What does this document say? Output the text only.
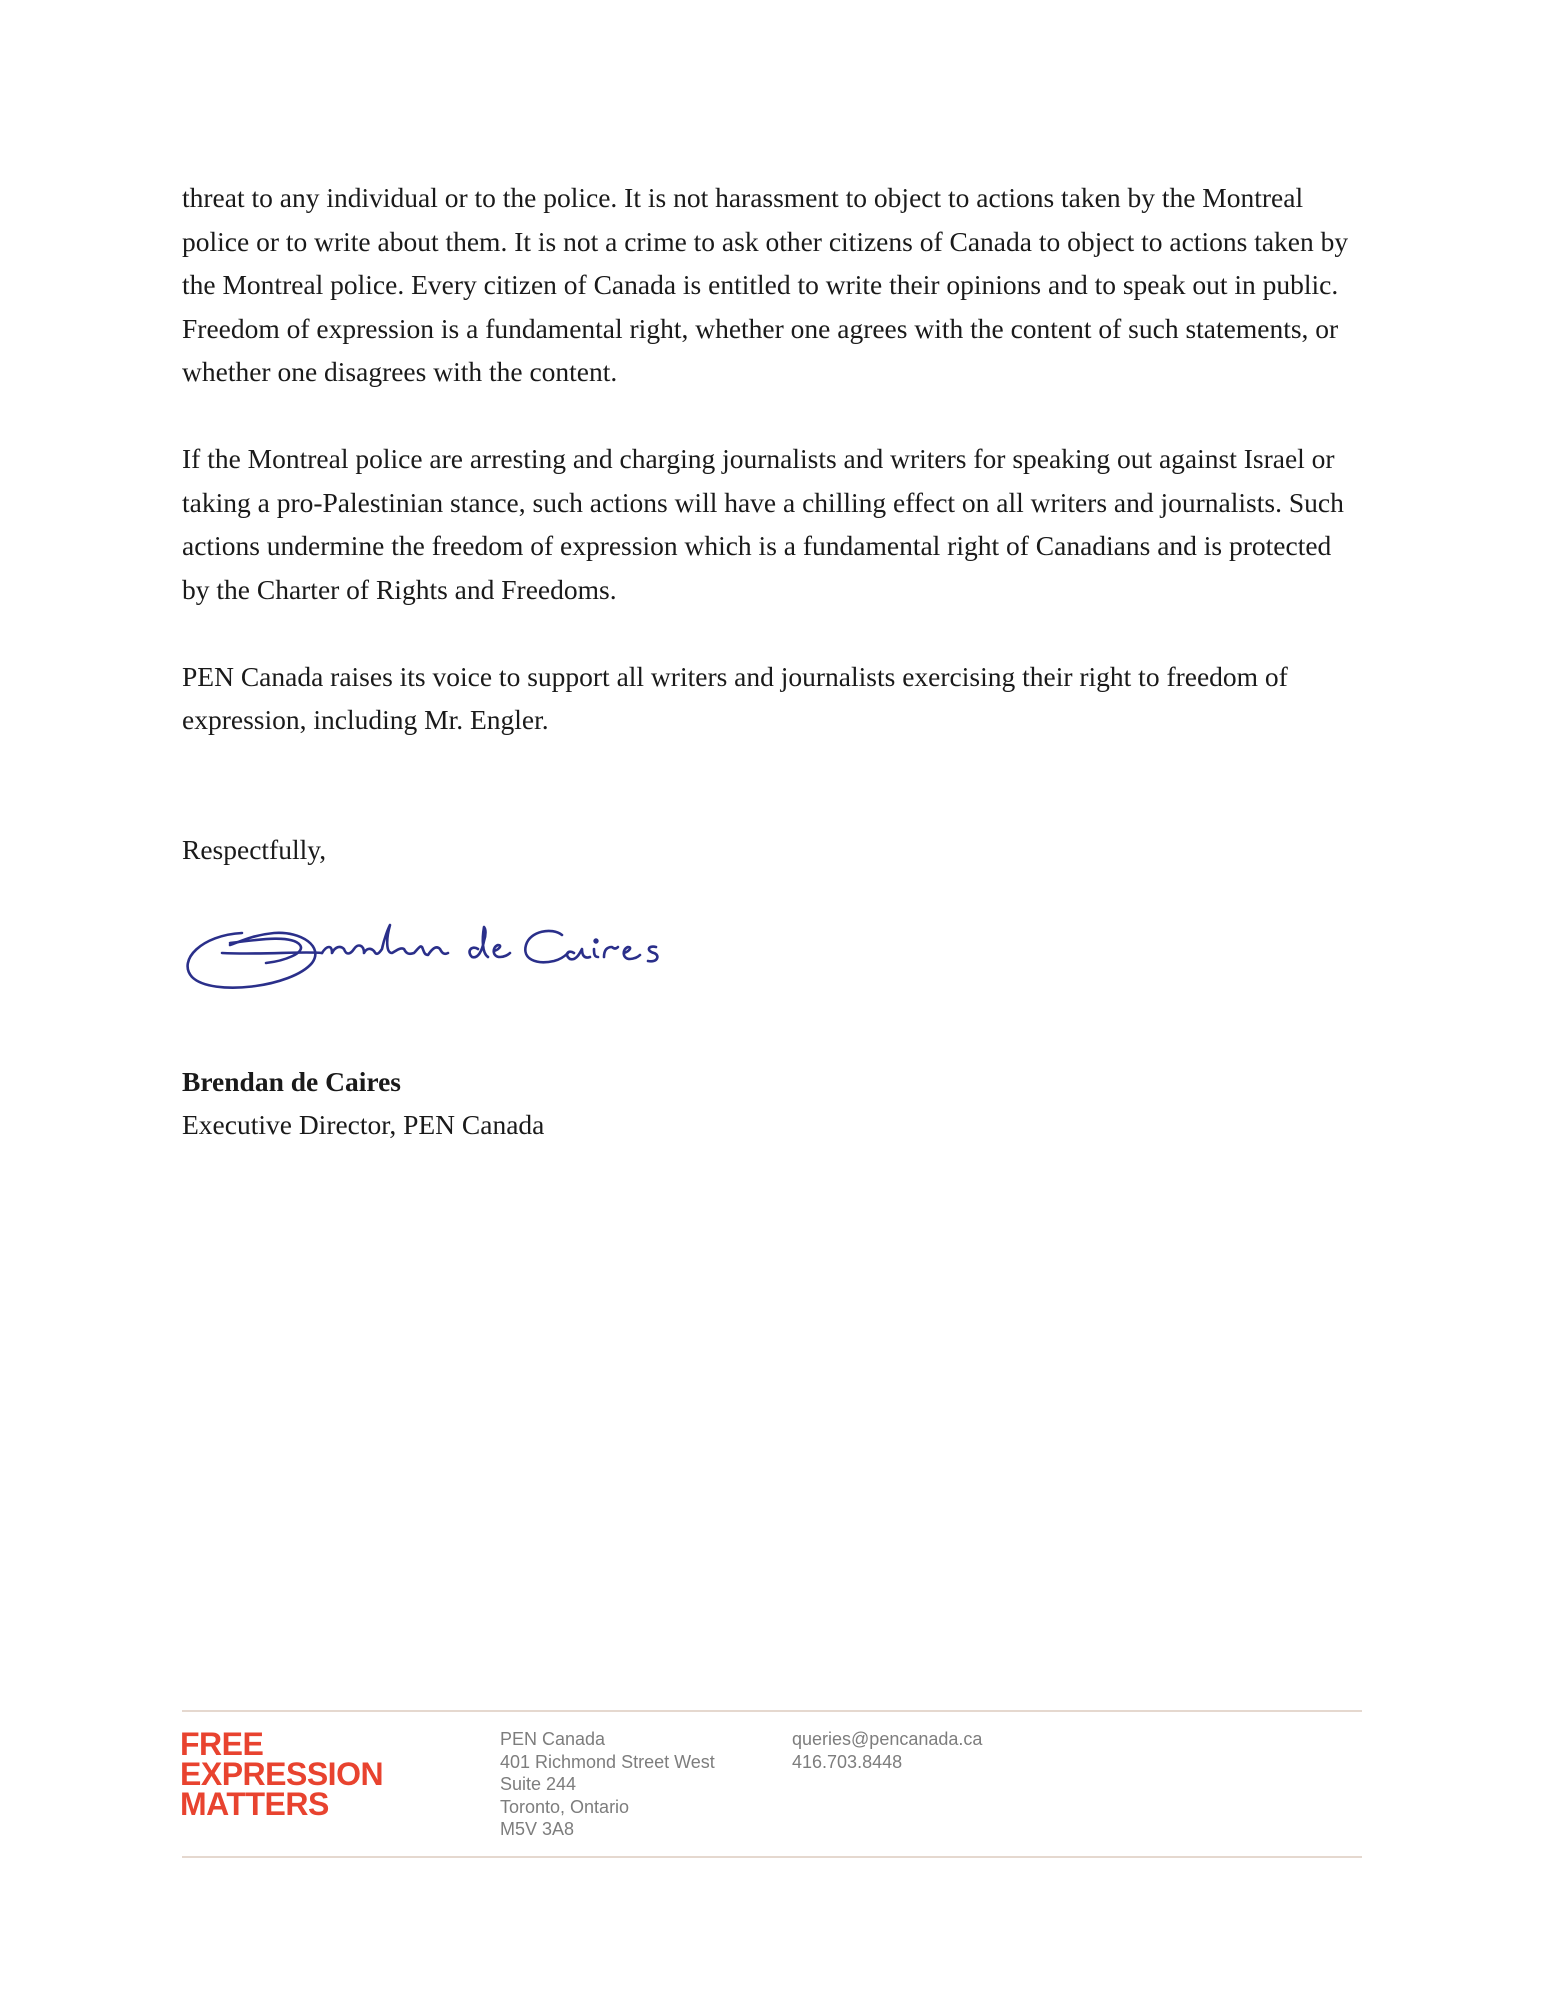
threat to any individual or to the police. It is not harassment to object to actions taken by the Montreal police or to write about them. It is not a crime to ask other citizens of Canada to object to actions taken by the Montreal police. Every citizen of Canada is entitled to write their opinions and to speak out in public. Freedom of expression is a fundamental right, whether one agrees with the content of such statements, or whether one disagrees with the content.

If the Montreal police are arresting and charging journalists and writers for speaking out against Israel or taking a pro-Palestinian stance, such actions will have a chilling effect on all writers and journalists. Such actions undermine the freedom of expression which is a fundamental right of Canadians and is protected by the Charter of Rights and Freedoms.

PEN Canada raises its voice to support all writers and journalists exercising their right to freedom of expression, including Mr. Engler.

Respectfully,

Brendan de Caires

Executive Director, PEN Canada

FREE
EXPRESSION
MATTERS
PEN Canada
401 Richmond Street West
Suite 244
Toronto, Ontario
M5V 3A8
queries@pencanada.ca
416.703.8448
